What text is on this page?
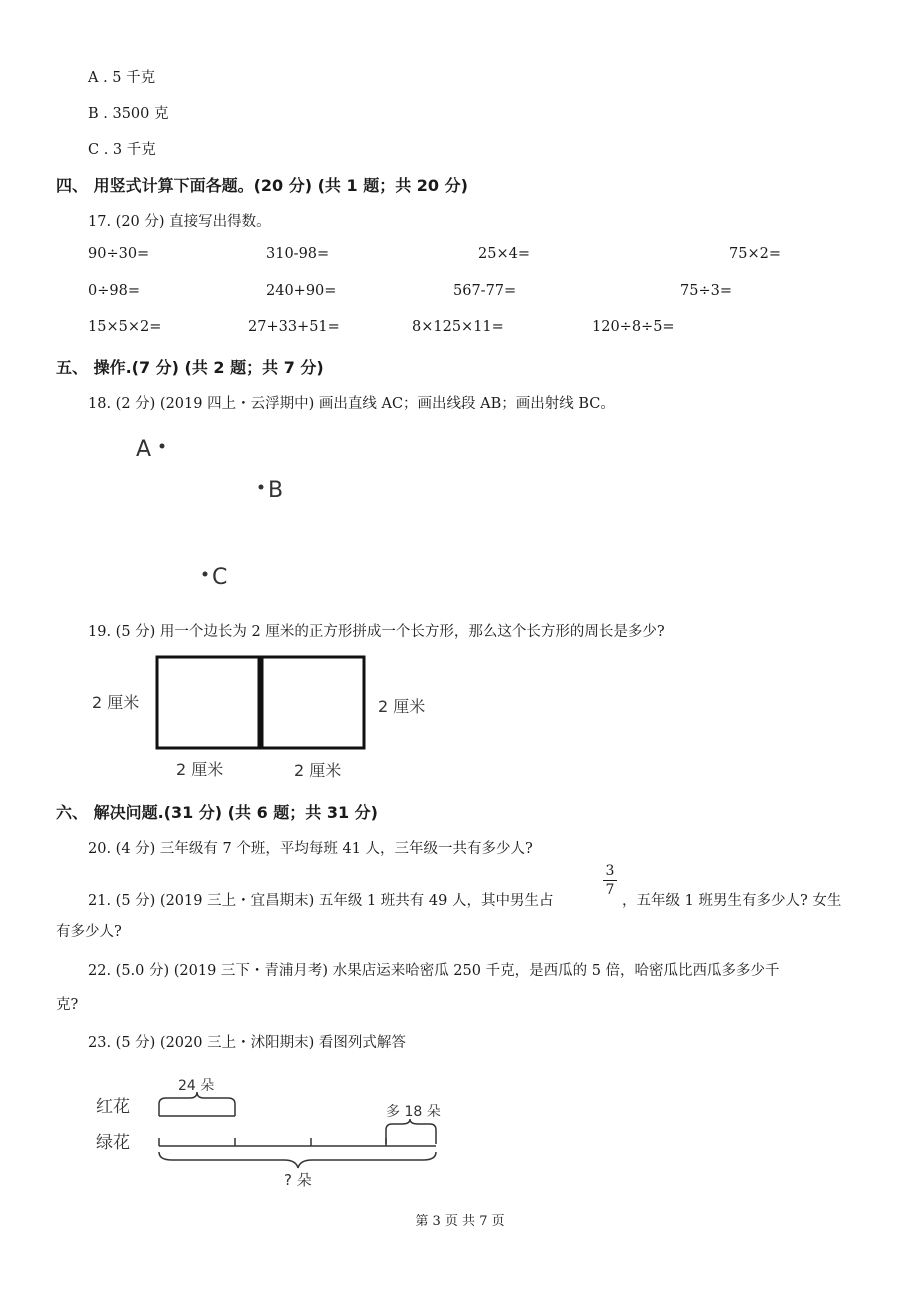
A . 5 千克
B . 3500 克
C . 3 千克
四、 用竖式计算下面各题。(20 分) (共 1 题；共 20 分)
17. (20 分) 直接写出得数。
90÷30=	310-98=	25×4=	75×2=
0÷98=	240+90=	567-77=	75÷3=
15×5×2=	27+33+51=	8×125×11=	120÷8÷5=
五、 操作.(7 分) (共 2 题；共 7 分)
18. (2 分) (2019 四上・云浮期中) 画出直线 AC；画出线段 AB；画出射线 BC。
A
B
C
19. (5 分) 用一个边长为 2 厘米的正方形拼成一个长方形，那么这个长方形的周长是多少?
2 厘米	2 厘米
2 厘米	2 厘米
六、 解决问题.(31 分) (共 6 题；共 31 分)
20. (4 分) 三年级有 7 个班，平均每班 41 人，三年级一共有多少人?
21. (5 分) (2019 三上・宜昌期末) 五年级 1 班共有 49 人，其中男生占
3
7
，五年级 1 班男生有多少人? 女生
有多少人?
22. (5.0 分) (2019 三下・青浦月考) 水果店运来哈密瓜 250 千克，是西瓜的 5 倍，哈密瓜比西瓜多多少千
克?
23. (5 分) (2020 三上・沭阳期末) 看图列式解答
红花
绿花
24 朵
多 18 朵
? 朵
第 3 页 共 7 页
